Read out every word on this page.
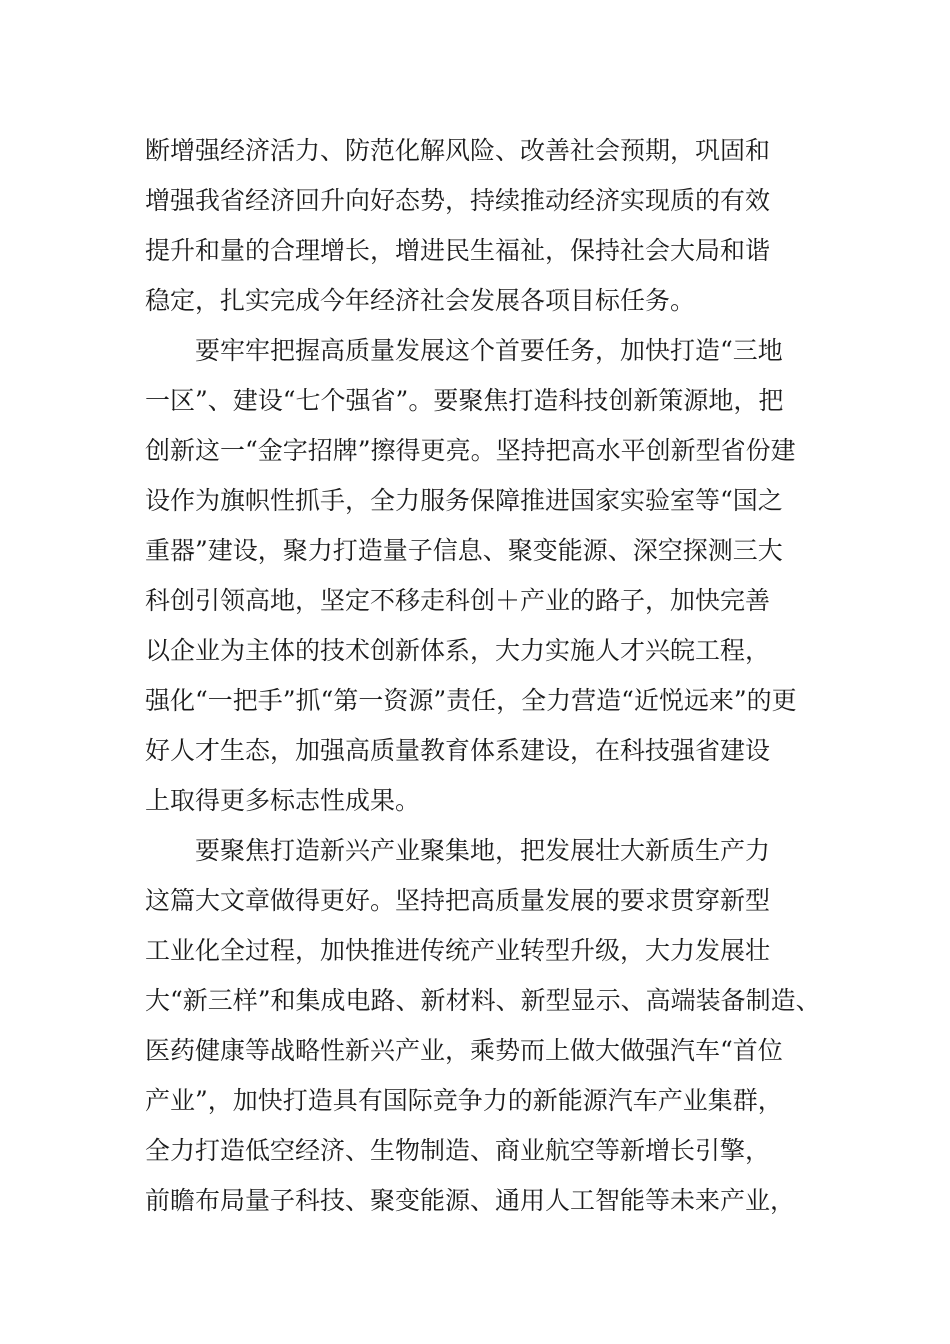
断增强经济活力、防范化解风险、改善社会预期，巩固和
增强我省经济回升向好态势，持续推动经济实现质的有效
提升和量的合理增长，增进民生福祉，保持社会大局和谐
稳定，扎实完成今年经济社会发展各项目标任务。
　　要牢牢把握高质量发展这个首要任务，加快打造“三地
一区”、建设“七个强省”。要聚焦打造科技创新策源地，把
创新这一“金字招牌”擦得更亮。坚持把高水平创新型省份建
设作为旗帜性抓手，全力服务保障推进国家实验室等“国之
重器”建设，聚力打造量子信息、聚变能源、深空探测三大
科创引领高地，坚定不移走科创＋产业的路子，加快完善
以企业为主体的技术创新体系，大力实施人才兴皖工程，
强化“一把手”抓“第一资源”责任，全力营造“近悦远来”的更
好人才生态，加强高质量教育体系建设，在科技强省建设
上取得更多标志性成果。
　　要聚焦打造新兴产业聚集地，把发展壮大新质生产力
这篇大文章做得更好。坚持把高质量发展的要求贯穿新型
工业化全过程，加快推进传统产业转型升级，大力发展壮
大“新三样”和集成电路、新材料、新型显示、高端装备制造、
医药健康等战略性新兴产业，乘势而上做大做强汽车“首位
产业”，加快打造具有国际竞争力的新能源汽车产业集群，
全力打造低空经济、生物制造、商业航空等新增长引擎，
前瞻布局量子科技、聚变能源、通用人工智能等未来产业，
